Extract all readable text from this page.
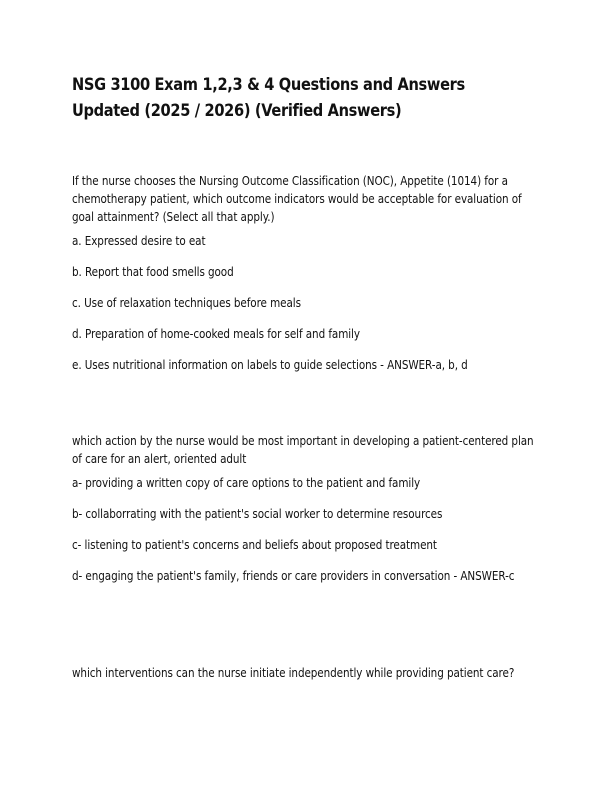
NSG 3100 Exam 1,2,3 & 4 Questions and Answers Updated (2025 / 2026) (Verified Answers)

If the nurse chooses the Nursing Outcome Classification (NOC), Appetite (1014) for a chemotherapy patient, which outcome indicators would be acceptable for evaluation of goal attainment? (Select all that apply.)

a. Expressed desire to eat

b. Report that food smells good

c. Use of relaxation techniques before meals

d. Preparation of home-cooked meals for self and family

e. Uses nutritional information on labels to guide selections - ANSWER-a, b, d

which action by the nurse would be most important in developing a patient-centered plan of care for an alert, oriented adult

a- providing a written copy of care options to the patient and family

b- collaborrating with the patient's social worker to determine resources

c- listening to patient's concerns and beliefs about proposed treatment

d- engaging the patient's family, friends or care providers in conversation - ANSWER-c

which interventions can the nurse initiate independently while providing patient care?
